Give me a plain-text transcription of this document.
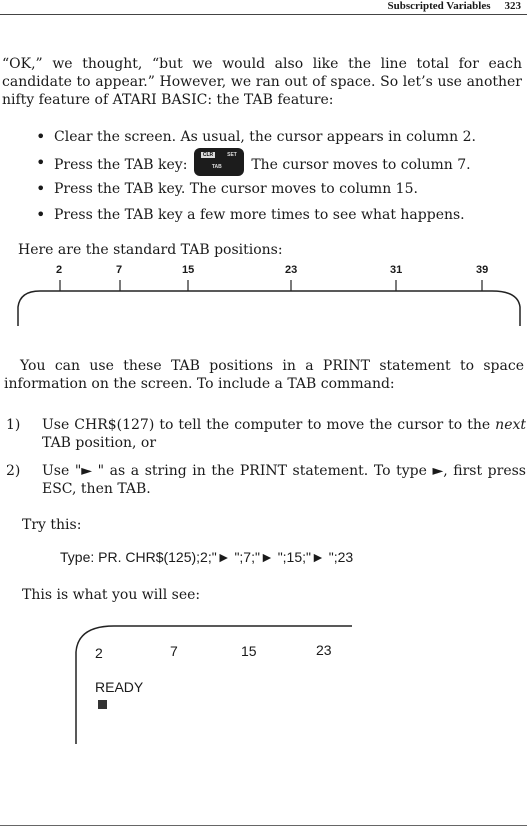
Subscripted Variables 323
“OK,” we thought, “but we would also like the line total for each candidate to appear.” However, we ran out of space. So let’s use another nifty feature of ATARI BASIC: the TAB feature:
• Clear the screen. As usual, the cursor appears in column 2.
• Press the TAB key:
CLR	SET
TAB The cursor moves to column 7.
• Press the TAB key. The cursor moves to column 15.
• Press the TAB key a few more times to see what happens.
Here are the standard TAB positions:
2	7	15	23	31	39
You can use these TAB positions in a PRINT statement to space information on the screen. To include a TAB command:
1) Use CHR$(127) to tell the computer to move the cursor to the next TAB position, or
2) Use "► " as a string in the PRINT statement. To type ►, first press ESC, then TAB.
Try this:
Type: PR. CHR$(125);2;"► ";7;"► ";15;"► ";23
This is what you will see:
2	7	15	23
READY
